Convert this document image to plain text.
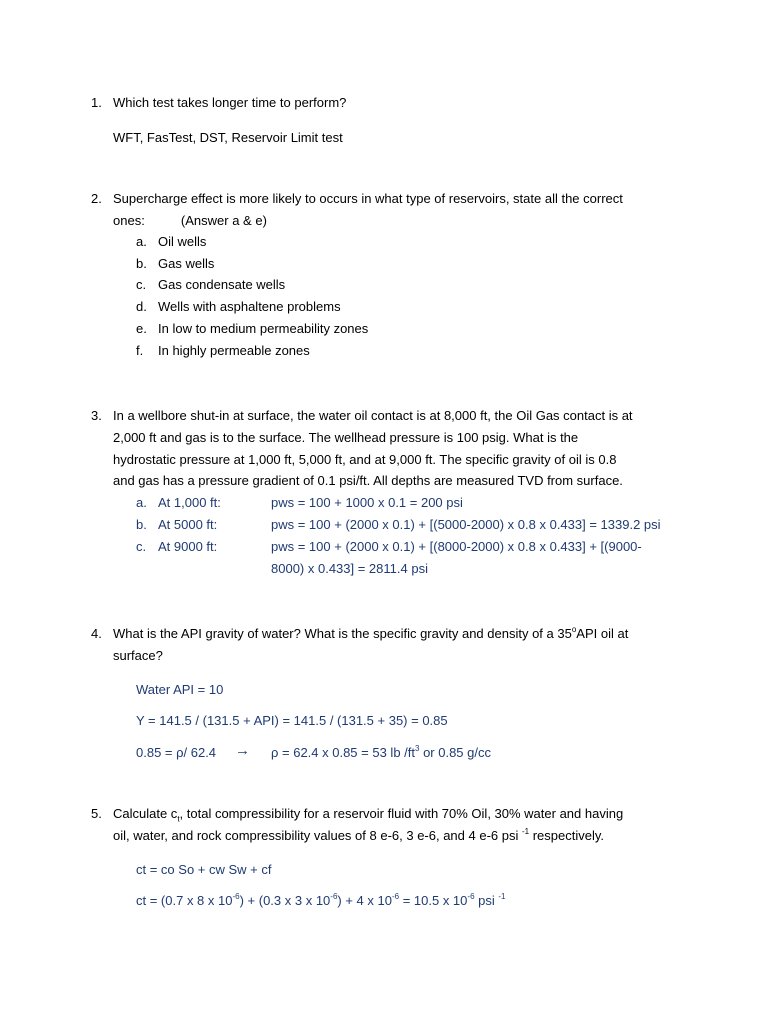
1. Which test takes longer time to perform?
WFT, FasTest, DST, Reservoir Limit test
2. Supercharge effect is more likely to occurs in what type of reservoirs, state all the correct
ones:          (Answer a & e)
a. Oil wells
b. Gas wells
c. Gas condensate wells
d. Wells with asphaltene problems
e. In low to medium permeability zones
f. In highly permeable zones
3. In a wellbore shut-in at surface, the water oil contact is at 8,000 ft, the Oil Gas contact is at
2,000 ft and gas is to the surface. The wellhead pressure is 100 psig. What is the
hydrostatic pressure at 1,000 ft, 5,000 ft, and at 9,000 ft. The specific gravity of oil is 0.8
and gas has a pressure gradient of 0.1 psi/ft. All depths are measured TVD from surface.
a. At 1,000 ft:	pws = 100 + 1000 x 0.1 = 200 psi
b. At 5000 ft:	pws = 100 + (2000 x 0.1) + [(5000-2000) x 0.8 x 0.433] = 1339.2 psi
c. At 9000 ft:	pws = 100 + (2000 x 0.1) + [(8000-2000) x 0.8 x 0.433] + [(9000-
8000) x 0.433] = 2811.4 psi
4. What is the API gravity of water? What is the specific gravity and density of a 35$^o$API oil at
surface?
Water API = 10
Y = 141.5 / (131.5 + API) = 141.5 / (131.5 + 35) = 0.85
0.85 = ρ/ 62.4 → ρ = 62.4 x 0.85 = 53 lb $/ft^3$ or 0.85 g/cc
5. Calculate $c_t$, total compressibility for a reservoir fluid with 70% Oil, 30% water and having
oil, water, and rock compressibility values of 8 e-6, 3 e-6, and 4 e-6 psi $^{-1}$ respectively.
ct = co So + cw Sw + cf
ct = (0.7 x 8 x $10^{-6}) + (0.3$ x 3 x $10^{-6}) + 4$ x $10^{-6} = 10.5$ x $10^{-6}$ psi $^{-1}$
